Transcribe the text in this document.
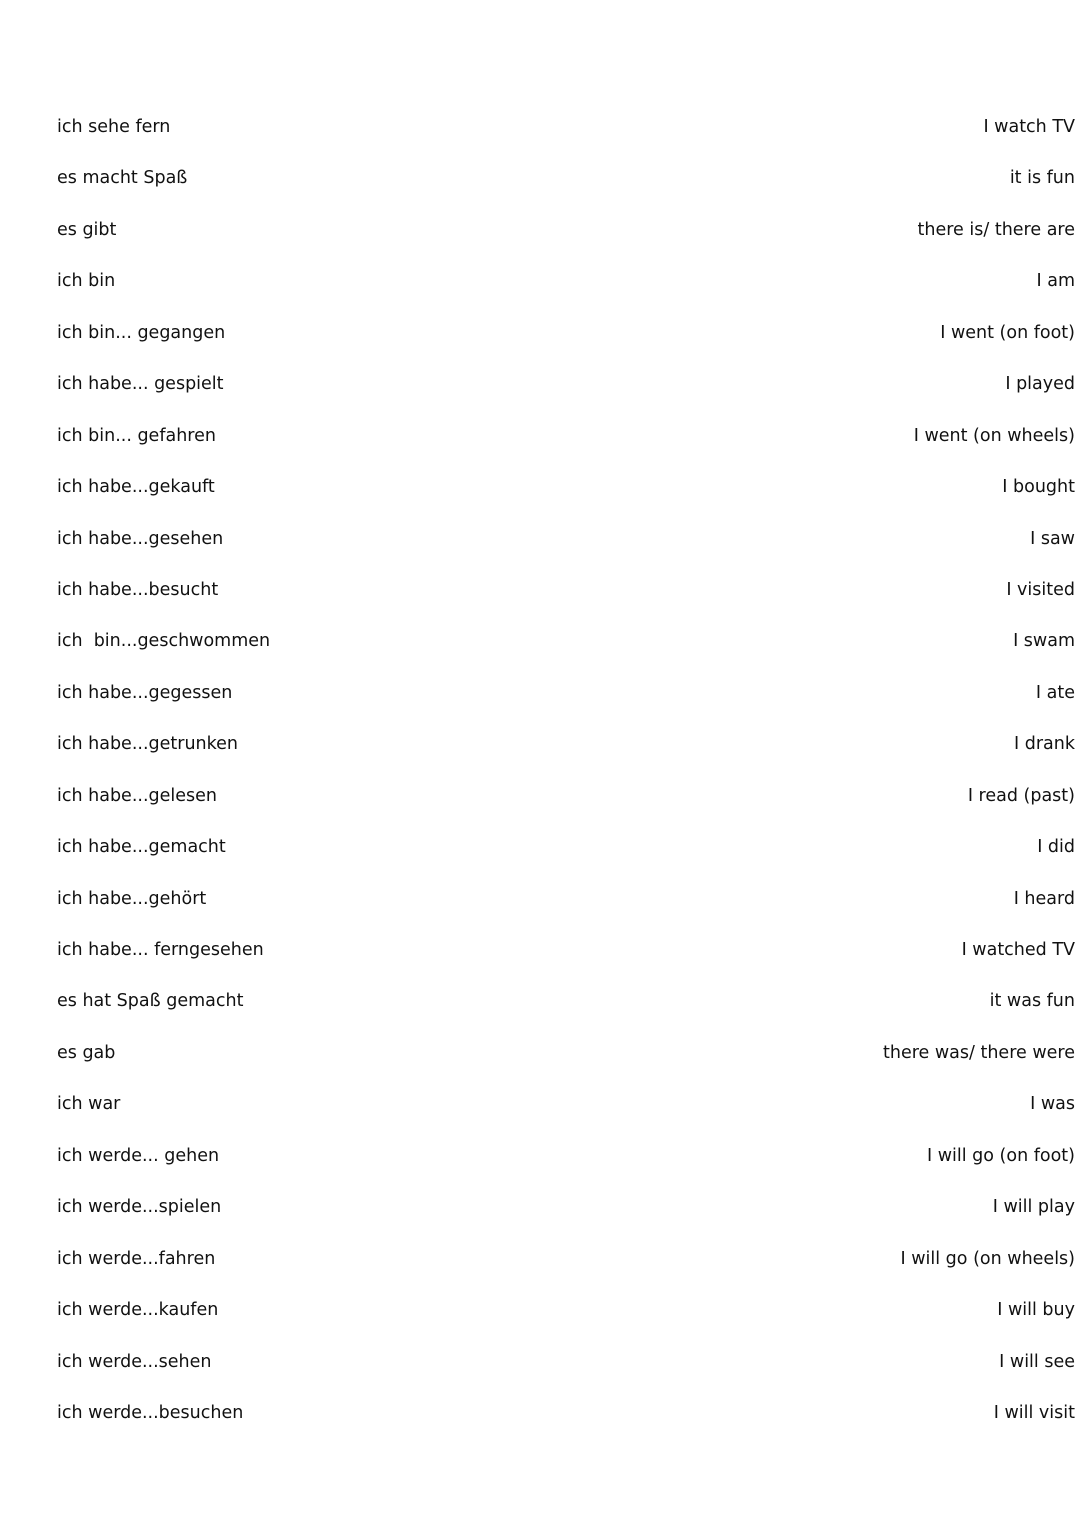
ich sehe fern	I watch TV
es macht Spaß	it is fun
es gibt	there is/ there are
ich bin	I am
ich bin... gegangen	I went (on foot)
ich habe... gespielt	I played
ich bin... gefahren	I went (on wheels)
ich habe...gekauft	I bought
ich habe...gesehen	I saw
ich habe...besucht	I visited
ich  bin...geschwommen	I swam
ich habe...gegessen	I ate
ich habe...getrunken	I drank
ich habe...gelesen	I read (past)
ich habe...gemacht	I did
ich habe...gehört	I heard
ich habe... ferngesehen	I watched TV
es hat Spaß gemacht	it was fun
es gab	there was/ there were
ich war	I was
ich werde... gehen	I will go (on foot)
ich werde...spielen	I will play
ich werde...fahren	I will go (on wheels)
ich werde...kaufen	I will buy
ich werde...sehen	I will see
ich werde...besuchen	I will visit
